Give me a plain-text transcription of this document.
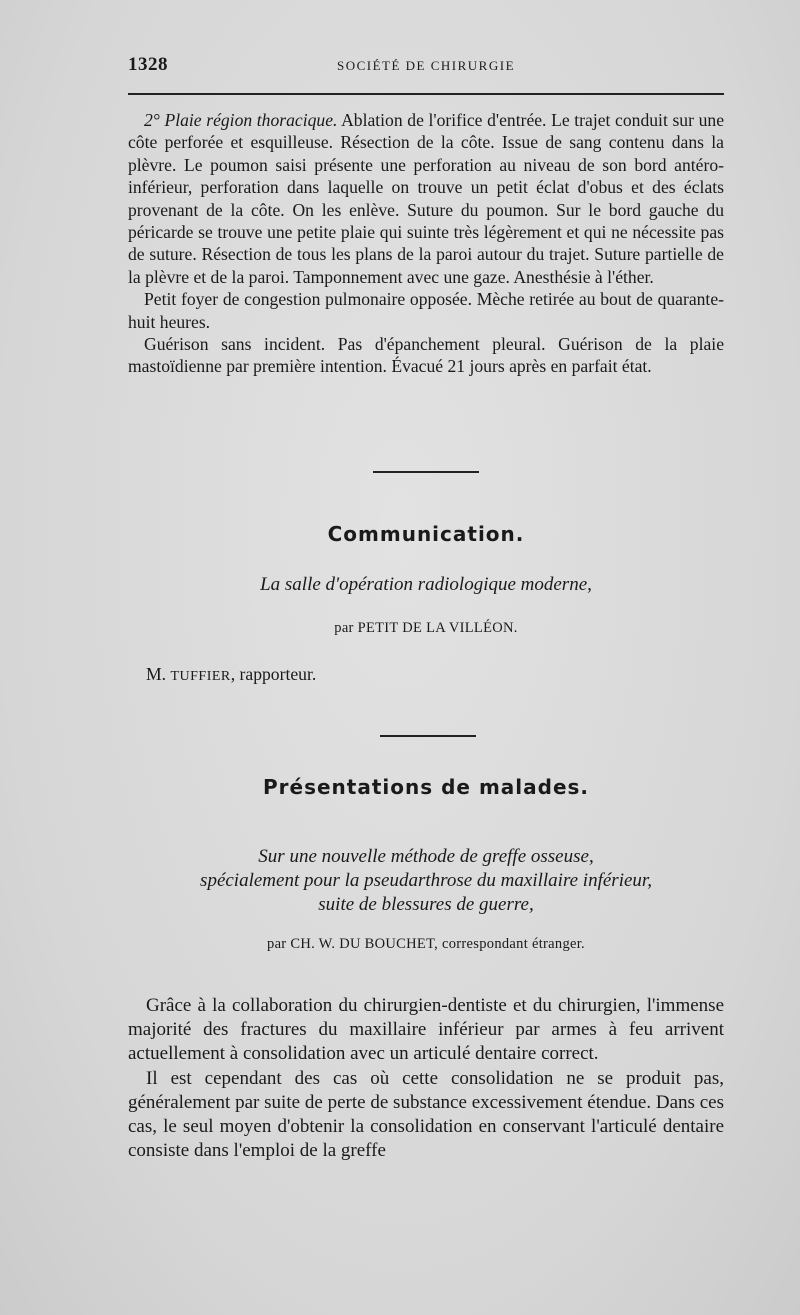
1328	SOCIÉTÉ DE CHIRURGIE

2° Plaie région thoracique. Ablation de l'orifice d'entrée. Le trajet conduit sur une côte perforée et esquilleuse. Résection de la côte. Issue de sang contenu dans la plèvre. Le poumon saisi présente une perforation au niveau de son bord antéro-inférieur, perforation dans laquelle on trouve un petit éclat d'obus et des éclats provenant de la côte. On les enlève. Suture du poumon. Sur le bord gauche du péricarde se trouve une petite plaie qui suinte très légèrement et qui ne nécessite pas de suture. Résection de tous les plans de la paroi autour du trajet. Suture partielle de la plèvre et de la paroi. Tamponnement avec une gaze. Anesthésie à l'éther.

Petit foyer de congestion pulmonaire opposée. Mèche retirée au bout de quarante-huit heures.

Guérison sans incident. Pas d'épanchement pleural. Guérison de la plaie mastoïdienne par première intention. Évacué 21 jours après en parfait état.

Communication.
La salle d'opération radiologique moderne,
par PETIT DE LA VILLÉON.
M. TUFFIER, rapporteur.
Présentations de malades.
Sur une nouvelle méthode de greffe osseuse,
spécialement pour la pseudarthrose du maxillaire inférieur,
suite de blessures de guerre,
par CH. W. DU BOUCHET, correspondant étranger.

Grâce à la collaboration du chirurgien-dentiste et du chirurgien, l'immense majorité des fractures du maxillaire inférieur par armes à feu arrivent actuellement à consolidation avec un articulé dentaire correct.

Il est cependant des cas où cette consolidation ne se produit pas, généralement par suite de perte de substance excessivement étendue. Dans ces cas, le seul moyen d'obtenir la consolidation en conservant l'articulé dentaire consiste dans l'emploi de la greffe
